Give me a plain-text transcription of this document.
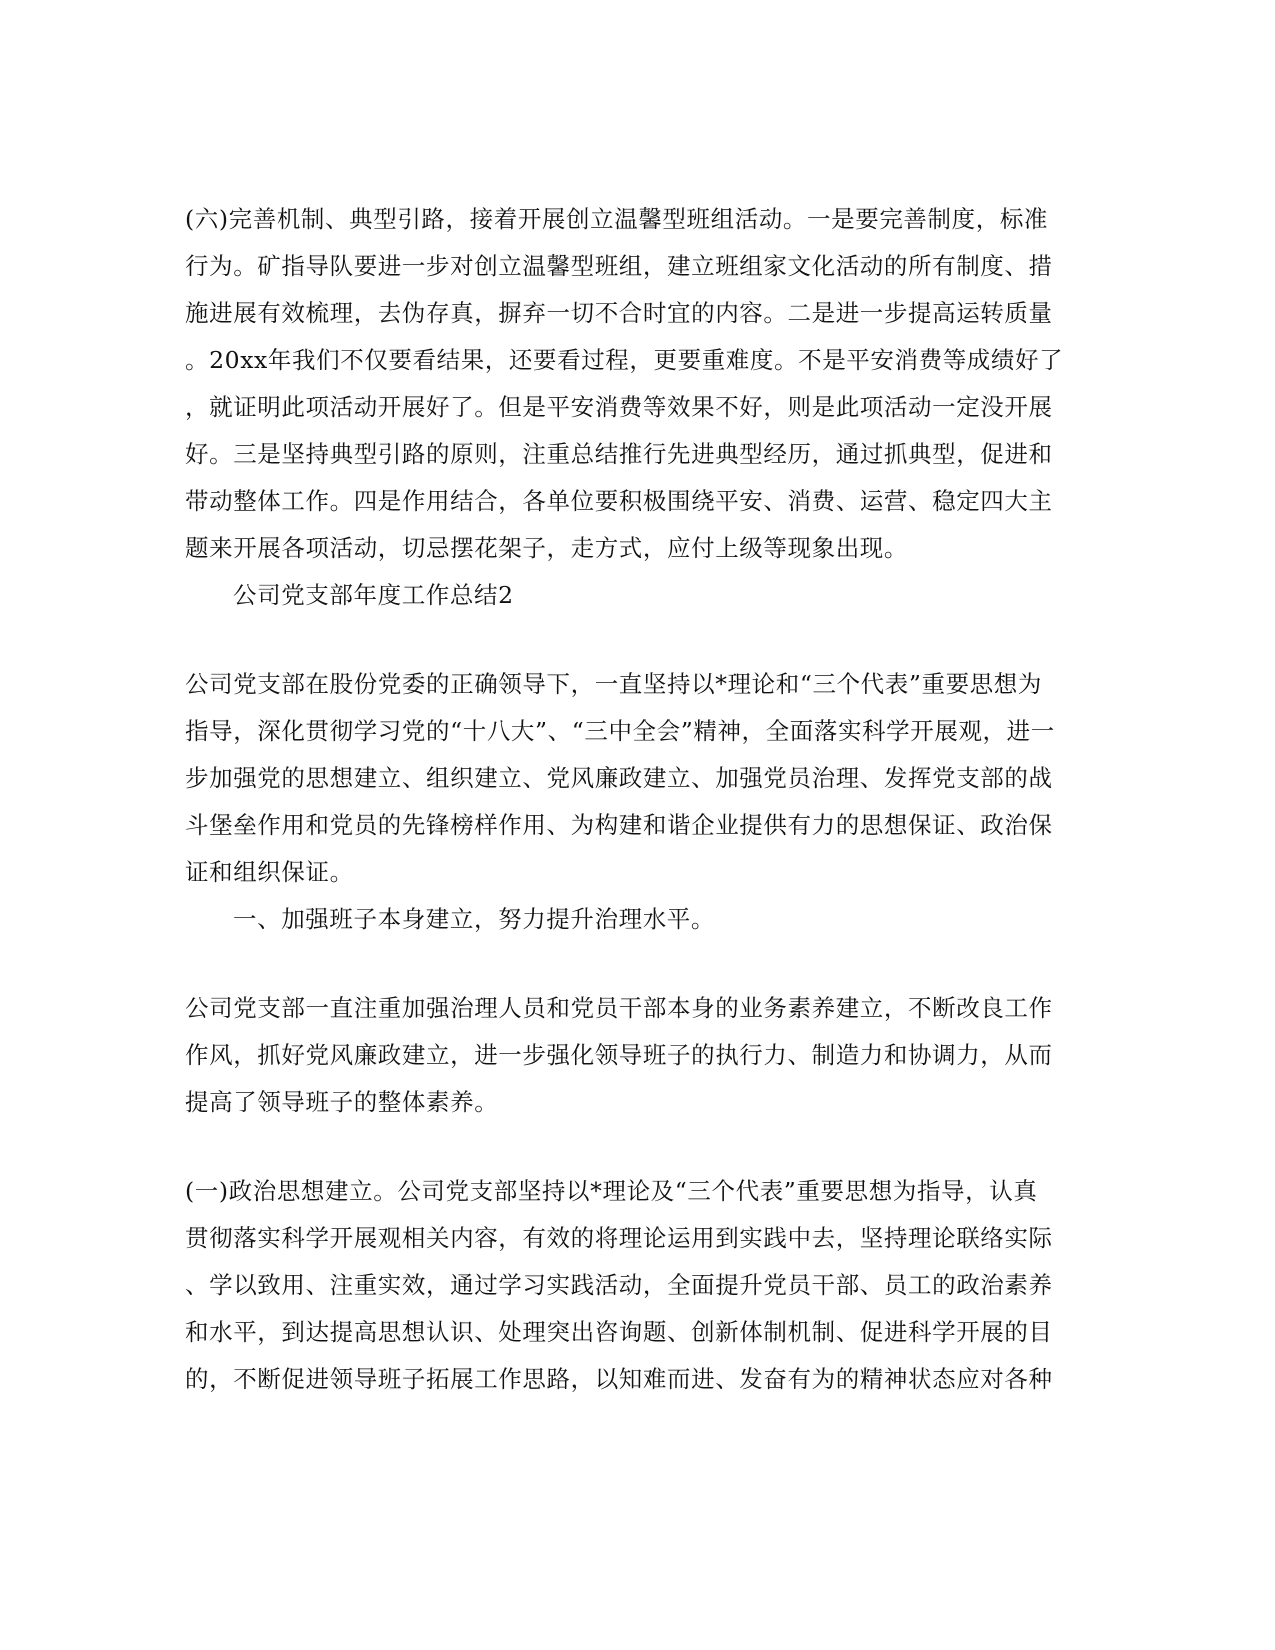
(六)完善机制、典型引路，接着开展创立温馨型班组活动。一是要完善制度，标准
行为。矿指导队要进一步对创立温馨型班组，建立班组家文化活动的所有制度、措
施进展有效梳理，去伪存真，摒弃一切不合时宜的内容。二是进一步提高运转质量
。20xx年我们不仅要看结果，还要看过程，更要重难度。不是平安消费等成绩好了
，就证明此项活动开展好了。但是平安消费等效果不好，则是此项活动一定没开展
好。三是坚持典型引路的原则，注重总结推行先进典型经历，通过抓典型，促进和
带动整体工作。四是作用结合，各单位要积极围绕平安、消费、运营、稳定四大主
题来开展各项活动，切忌摆花架子，走方式，应付上级等现象出现。
公司党支部年度工作总结2
公司党支部在股份党委的正确领导下，一直坚持以*理论和“三个代表”重要思想为
指导，深化贯彻学习党的“十八大”、“三中全会”精神，全面落实科学开展观，进一
步加强党的思想建立、组织建立、党风廉政建立、加强党员治理、发挥党支部的战
斗堡垒作用和党员的先锋榜样作用、为构建和谐企业提供有力的思想保证、政治保
证和组织保证。
一、加强班子本身建立，努力提升治理水平。
公司党支部一直注重加强治理人员和党员干部本身的业务素养建立，不断改良工作
作风，抓好党风廉政建立，进一步强化领导班子的执行力、制造力和协调力，从而
提高了领导班子的整体素养。
(一)政治思想建立。公司党支部坚持以*理论及“三个代表”重要思想为指导，认真
贯彻落实科学开展观相关内容，有效的将理论运用到实践中去，坚持理论联络实际
、学以致用、注重实效，通过学习实践活动，全面提升党员干部、员工的政治素养
和水平，到达提高思想认识、处理突出咨询题、创新体制机制、促进科学开展的目
的，不断促进领导班子拓展工作思路，以知难而进、发奋有为的精神状态应对各种
